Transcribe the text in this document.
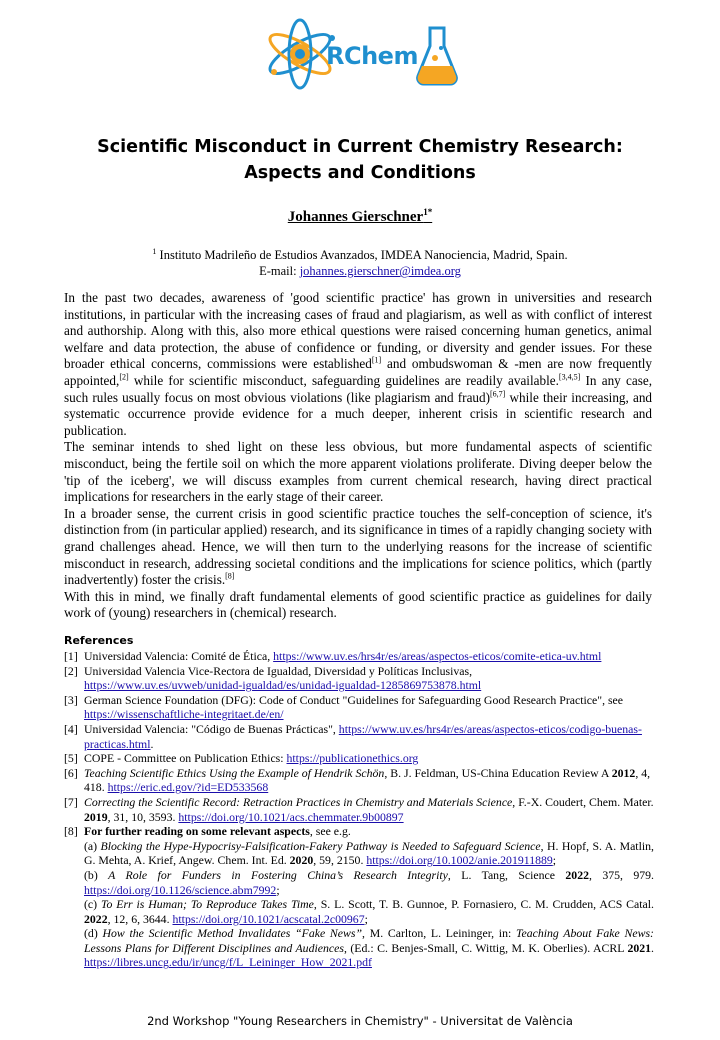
RChem
Scientific Misconduct in Current Chemistry Research:
Aspects and Conditions
Johannes Gierschner$^{1*}$
$^1$ Instituto Madrileño de Estudios Avanzados, IMDEA Nanociencia, Madrid, Spain.
E-mail: johannes.gierschner@imdea.org

In the past two decades, awareness of 'good scientific practice' has grown in universities and research institutions, in particular with the increasing cases of fraud and plagiarism, as well as with conflict of interest and authorship. Along with this, also more ethical questions were raised concerning human genetics, animal welfare and data protection, the abuse of confidence or funding, or diversity and gender issues. For these broader ethical concerns, commissions were established[1] and ombudswoman & -men are now frequently appointed,[2] while for scientific misconduct, safeguarding guidelines are readily available.[3,4,5] In any case, such rules usually focus on most obvious violations (like plagiarism and fraud)[6,7] while their increasing, and systematic occurrence provide evidence for a much deeper, inherent crisis in scientific research and publication.

The seminar intends to shed light on these less obvious, but more fundamental aspects of scientific misconduct, being the fertile soil on which the more apparent violations proliferate. Diving deeper below the 'tip of the iceberg', we will discuss examples from current chemical research, having direct practical implications for researchers in the early stage of their career.

In a broader sense, the current crisis in good scientific practice touches the self-conception of science, it's distinction from (in particular applied) research, and its significance in times of a rapidly changing society with grand challenges ahead. Hence, we will then turn to the underlying reasons for the increase of scientific misconduct in research, addressing societal conditions and the implications for science politics, which (partly inadvertently) foster the crisis.[8]

With this in mind, we finally draft fundamental elements of good scientific practice as guidelines for daily work of (young) researchers in (chemical) research.

References
[1] Universidad Valencia: Comité de Ética, https://www.uv.es/hrs4r/es/areas/aspectos-eticos/comite-etica-uv.html
[2] Universidad Valencia Vice-Rectora de Igualdad, Diversidad y Políticas Inclusivas,
https://www.uv.es/uvweb/unidad-igualdad/es/unidad-igualdad-1285869753878.html
[3] German Science Foundation (DFG): Code of Conduct "Guidelines for Safeguarding Good Research Practice", see https://wissenschaftliche-integritaet.de/en/
[4] Universidad Valencia: "Código de Buenas Prácticas", https://www.uv.es/hrs4r/es/areas/aspectos-eticos/codigo-buenas-practicas.html.
[5] COPE - Committee on Publication Ethics: https://publicationethics.org
[6] Teaching Scientific Ethics Using the Example of Hendrik Schön, B. J. Feldman, US-China Education Review A 2012, 4, 418. https://eric.ed.gov/?id=ED533568
[7] Correcting the Scientific Record: Retraction Practices in Chemistry and Materials Science, F.-X. Coudert, Chem. Mater. 2019, 31, 10, 3593. https://doi.org/10.1021/acs.chemmater.9b00897
[8] For further reading on some relevant aspects, see e.g.
(a) Blocking the Hype-Hypocrisy-Falsification-Fakery Pathway is Needed to Safeguard Science, H. Hopf, S. A. Matlin, G. Mehta, A. Krief, Angew. Chem. Int. Ed. 2020, 59, 2150. https://doi.org/10.1002/anie.201911889;
(b) A Role for Funders in Fostering China’s Research Integrity, L. Tang, Science 2022, 375, 979. https://doi.org/10.1126/science.abm7992;
(c) To Err is Human; To Reproduce Takes Time, S. L. Scott, T. B. Gunnoe, P. Fornasiero, C. M. Crudden, ACS Catal. 2022, 12, 6, 3644. https://doi.org/10.1021/acscatal.2c00967;
(d) How the Scientific Method Invalidates “Fake News”, M. Carlton, L. Leininger, in: Teaching About Fake News: Lessons Plans for Different Disciplines and Audiences, (Ed.: C. Benjes-Small, C. Wittig, M. K. Oberlies). ACRL 2021. https://libres.uncg.edu/ir/uncg/f/L_Leininger_How_2021.pdf
2nd Workshop "Young Researchers in Chemistry" - Universitat de València
